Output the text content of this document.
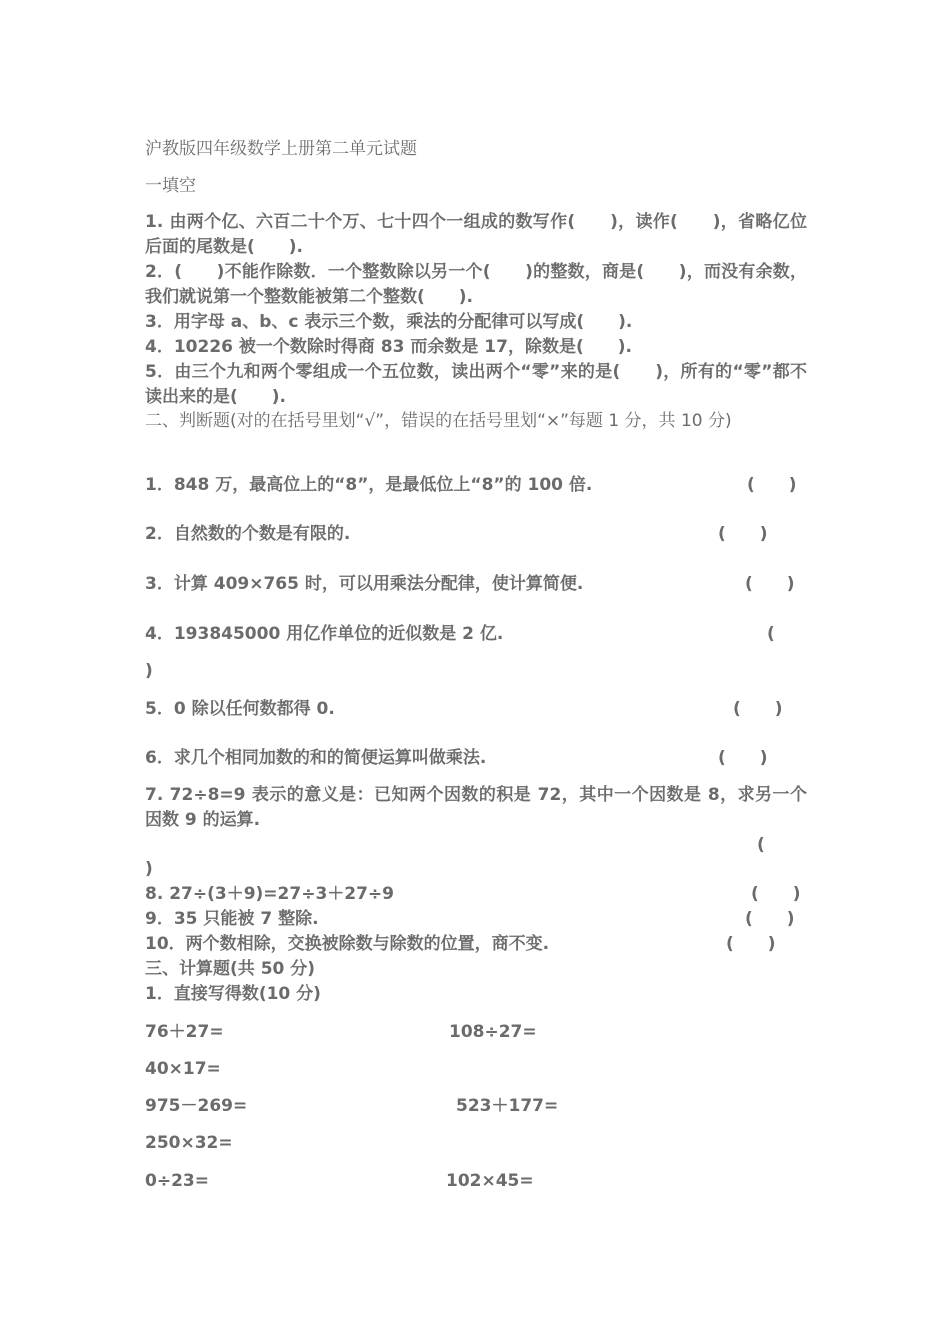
沪教版四年级数学上册第二单元试题

一填空

1. 由两个亿、六百二十个万、七十四个一组成的数写作(　　)，读作(　　)，省略亿位后面的尾数是(　　).

2．(　　)不能作除数．一个整数除以另一个(　　)的整数，商是(　　)，而没有余数，我们就说第一个整数能被第二个整数(　　).

3．用字母 a、b、c 表示三个数，乘法的分配律可以写成(　　).

4．10226 被一个数除时得商 83 而余数是 17，除数是(　　).

5．由三个九和两个零组成一个五位数，读出两个“零”来的是(　　)，所有的“零”都不读出来的是(　　).

二、判断题(对的在括号里划“√”，错误的在括号里划“×”每题 1 分，共 10 分)

1．848 万，最高位上的“8”，是最低位上“8”的 100 倍.	(　　)

2．自然数的个数是有限的.	(　　)

3．计算 409×765 时，可以用乘法分配律，使计算简便.	(　　)

4．193845000 用亿作单位的近似数是 2 亿.	(
)

5．0 除以任何数都得 0.	(　　)

6．求几个相同加数的和的简便运算叫做乘法.	(　　)

7. 72÷8=9 表示的意义是：已知两个因数的积是 72，其中一个因数是 8，求另一个因数 9 的运算.

(
)

8. 27÷(3＋9)=27÷3＋27÷9	(　　)

9．35 只能被 7 整除.	(　　)

10．两个数相除，交换被除数与除数的位置，商不变.	(　　)

三、计算题(共 50 分)

1．直接写得数(10 分)

76＋27=	108÷27=
40×17=
975－269=	523＋177=
250×32=
0÷23=	102×45=
